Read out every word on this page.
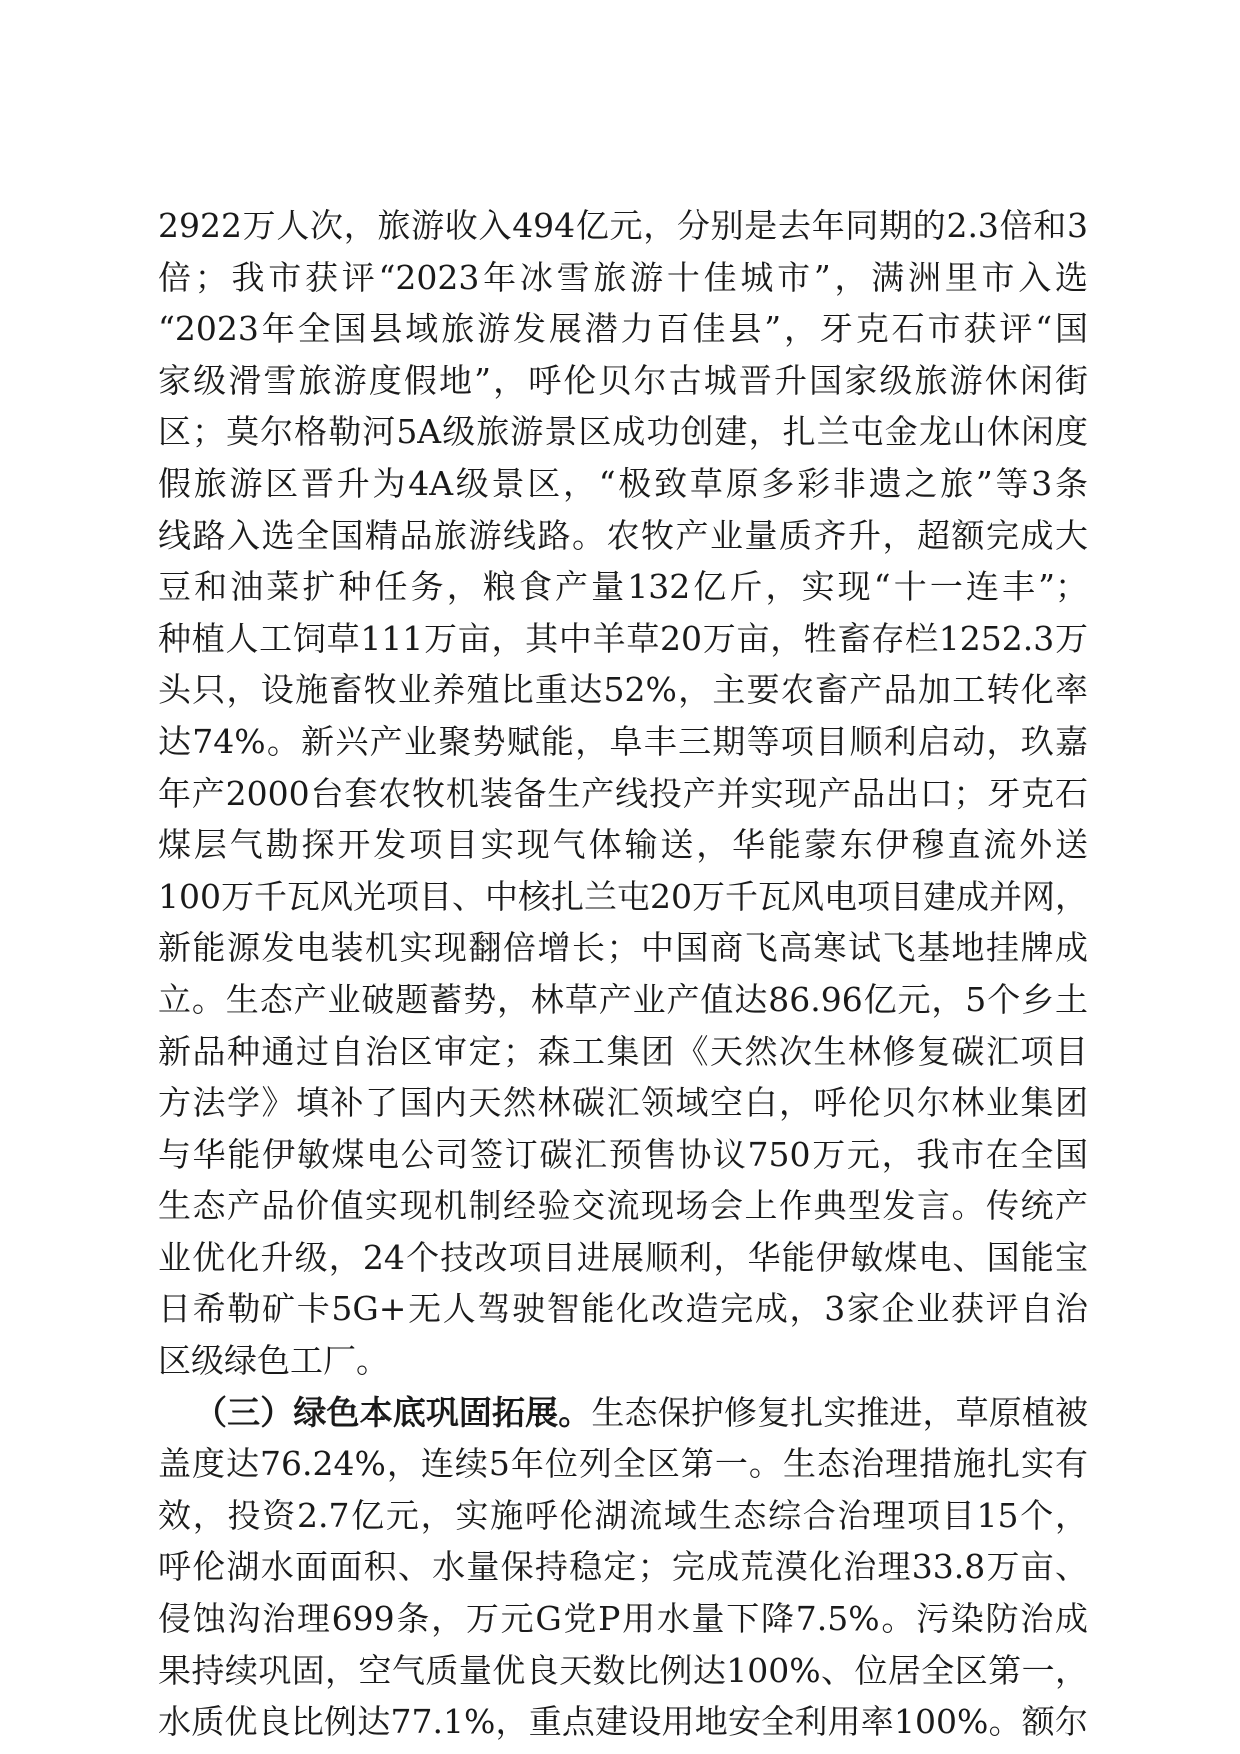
2922万人次，旅游收入494亿元，分别是去年同期的2.3倍和3
倍；我市获评“2023年冰雪旅游十佳城市”，满洲里市入选
“2023年全国县域旅游发展潜力百佳县”，牙克石市获评“国
家级滑雪旅游度假地”，呼伦贝尔古城晋升国家级旅游休闲街
区；莫尔格勒河5A级旅游景区成功创建，扎兰屯金龙山休闲度
假旅游区晋升为4A级景区，“极致草原多彩非遗之旅”等3条
线路入选全国精品旅游线路。农牧产业量质齐升，超额完成大
豆和油菜扩种任务，粮食产量132亿斤，实现“十一连丰”；
种植人工饲草111万亩，其中羊草20万亩，牲畜存栏1252.3万
头只，设施畜牧业养殖比重达52%，主要农畜产品加工转化率
达74%。新兴产业聚势赋能，阜丰三期等项目顺利启动，玖嘉
年产2000台套农牧机装备生产线投产并实现产品出口；牙克石
煤层气勘探开发项目实现气体输送，华能蒙东伊穆直流外送
100万千瓦风光项目、中核扎兰屯20万千瓦风电项目建成并网，
新能源发电装机实现翻倍增长；中国商飞高寒试飞基地挂牌成
立。生态产业破题蓄势，林草产业产值达86.96亿元，5个乡土
新品种通过自治区审定；森工集团《天然次生林修复碳汇项目
方法学》填补了国内天然林碳汇领域空白，呼伦贝尔林业集团
与华能伊敏煤电公司签订碳汇预售协议750万元，我市在全国
生态产品价值实现机制经验交流现场会上作典型发言。传统产
业优化升级，24个技改项目进展顺利，华能伊敏煤电、国能宝
日希勒矿卡5G+无人驾驶智能化改造完成，3家企业获评自治
区级绿色工厂。
（三）绿色本底巩固拓展。生态保护修复扎实推进，草原植被
盖度达76.24%，连续5年位列全区第一。生态治理措施扎实有
效，投资2.7亿元，实施呼伦湖流域生态综合治理项目15个，
呼伦湖水面面积、水量保持稳定；完成荒漠化治理33.8万亩、
侵蚀沟治理699条，万元G党P用水量下降7.5%。污染防治成
果持续巩固，空气质量优良天数比例达100%、位居全区第一，
水质优良比例达77.1%，重点建设用地安全利用率100%。额尔
